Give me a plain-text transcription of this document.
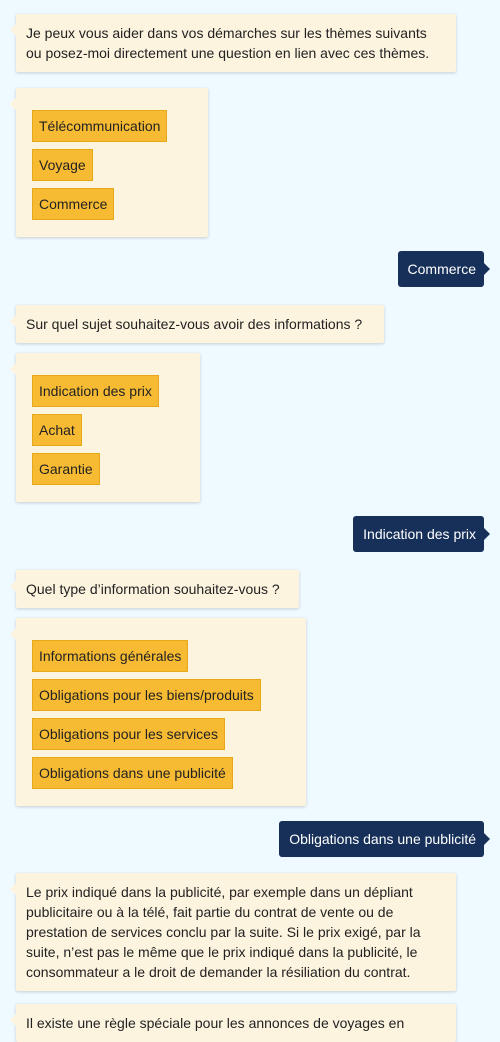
Je peux vous aider dans vos démarches sur les thèmes suivants ou posez-moi directement une question en lien avec ces thèmes.
Télécommunication
Voyage
Commerce
Commerce
Sur quel sujet souhaitez-vous avoir des informations ?
Indication des prix
Achat
Garantie
Indication des prix
Quel type d’information souhaitez-vous ?
Informations générales
Obligations pour les biens/produits
Obligations pour les services
Obligations dans une publicité
Obligations dans une publicité
Le prix indiqué dans la publicité, par exemple dans un dépliant publicitaire ou à la télé, fait partie du contrat de vente ou de prestation de services conclu par la suite. Si le prix exigé, par la suite, n’est pas le même que le prix indiqué dans la publicité, le consommateur a le droit de demander la résiliation du contrat.
Il existe une règle spéciale pour les annonces de voyages en
